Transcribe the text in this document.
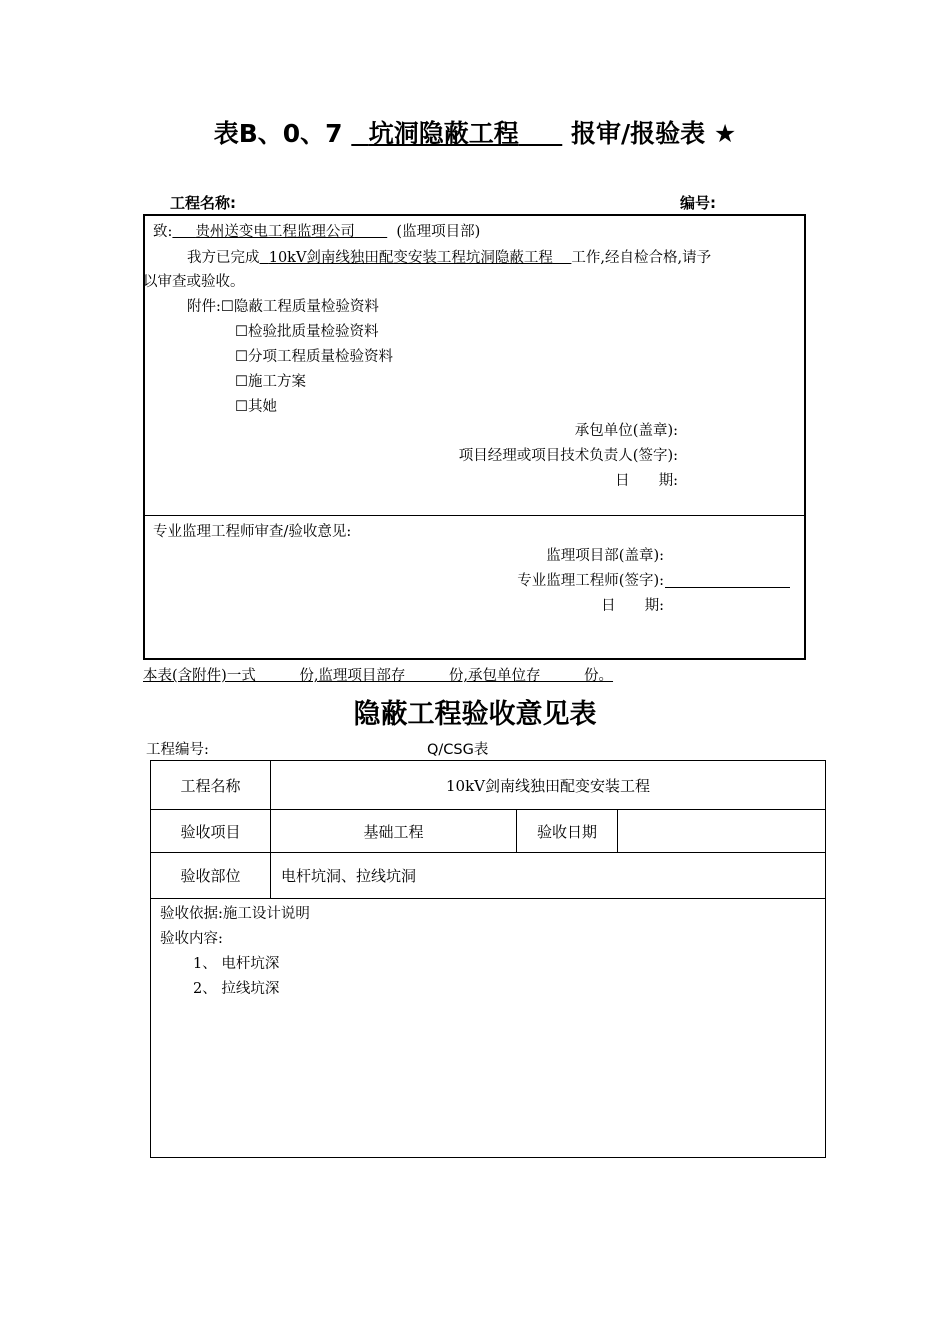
表B、0、7 坑洞隐蔽工程 报审/报验表 ★
工程名称:	编号:
致: 贵州送变电工程监理公司	(监理项目部)
我方已完成 10kV剑南线独田配变安装工程坑洞隐蔽工程 工作,经自检合格,请予
以审查或验收。
附件:☐隐蔽工程质量检验资料
☐检验批质量检验资料
☐分项工程质量检验资料
☐施工方案
☐其她
承包单位(盖章):
项目经理或项目技术负责人(签字):
日　　期:
专业监理工程师审查/验收意见:
监理项目部(盖章):
专业监理工程师(签字):
日　　期:
本表(含附件)一式　　　份,监理项目部存　　　份,承包单位存　　　份。
隐蔽工程验收意见表
工程编号:	Q/CSG表
工程名称	10kV剑南线独田配变安装工程
验收项目	基础工程	验收日期
验收部位	电杆坑洞、拉线坑洞
验收依据:施工设计说明
验收内容:
1、 电杆坑深
2、 拉线坑深
